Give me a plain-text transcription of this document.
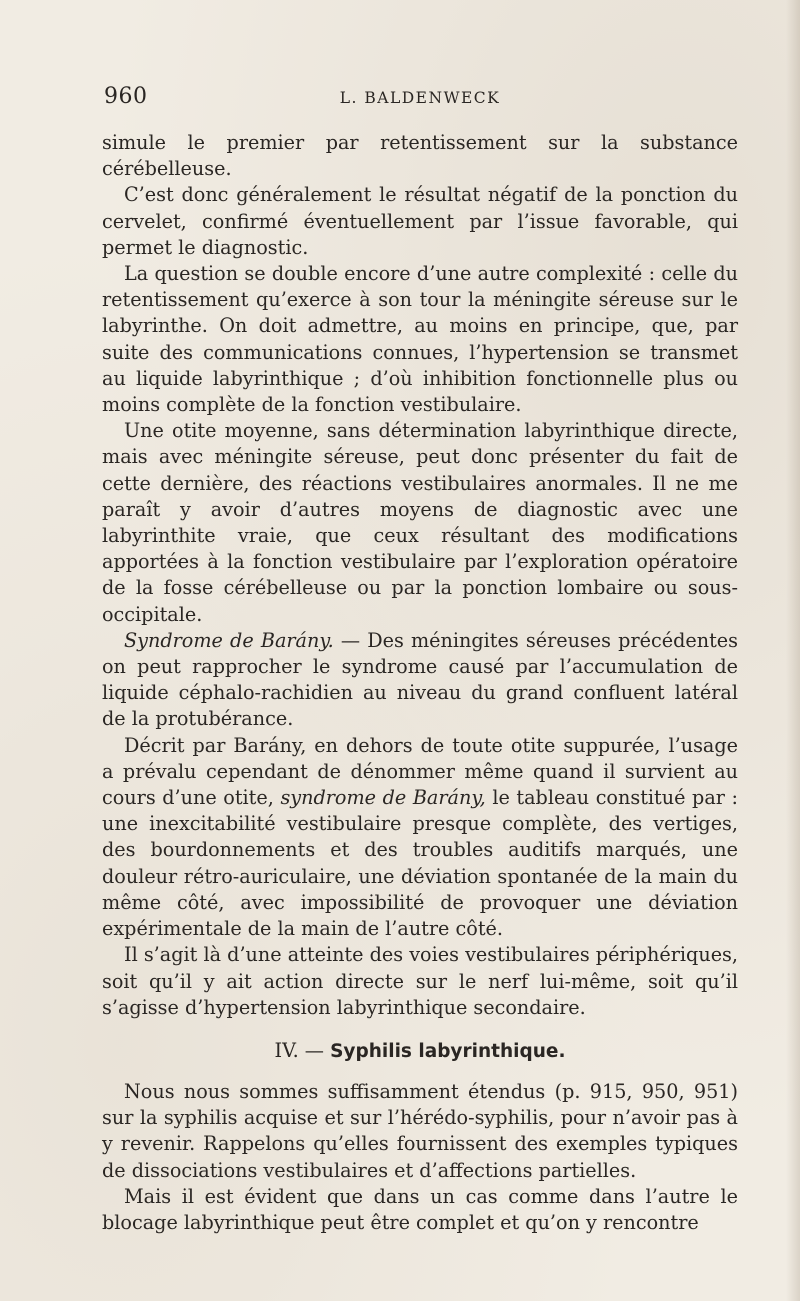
960	L. BALDENWECK

simule le premier par retentissement sur la substance cérébelleuse.

C’est donc généralement le résultat négatif de la ponction du cervelet, confirmé éventuellement par l’issue favorable, qui permet le diagnostic.

La question se double encore d’une autre complexité : celle du retentissement qu’exerce à son tour la méningite séreuse sur le labyrinthe. On doit admettre, au moins en principe, que, par suite des communications connues, l’hypertension se transmet au liquide labyrinthique ; d’où inhibition fonctionnelle plus ou moins complète de la fonction vestibulaire.

Une otite moyenne, sans détermination labyrinthique directe, mais avec méningite séreuse, peut donc présenter du fait de cette dernière, des réactions vestibulaires anormales. Il ne me paraît y avoir d’autres moyens de diagnostic avec une labyrinthite vraie, que ceux résultant des modifications apportées à la fonction vestibulaire par l’exploration opératoire de la fosse cérébelleuse ou par la ponction lombaire ou sous-occipitale.

Syndrome de Barány. — Des méningites séreuses précédentes on peut rapprocher le syndrome causé par l’accumulation de liquide céphalo-rachidien au niveau du grand confluent latéral de la protubérance.

Décrit par Barány, en dehors de toute otite suppurée, l’usage a prévalu cependant de dénommer même quand il survient au cours d’une otite, syndrome de Barány, le tableau constitué par : une inexcitabilité vestibulaire presque complète, des vertiges, des bourdonnements et des troubles auditifs marqués, une douleur rétro-auriculaire, une déviation spontanée de la main du même côté, avec impossibilité de provoquer une déviation expérimentale de la main de l’autre côté.

Il s’agit là d’une atteinte des voies vestibulaires périphériques, soit qu’il y ait action directe sur le nerf lui-même, soit qu’il s’agisse d’hypertension labyrinthique secondaire.

IV. — Syphilis labyrinthique.

Nous nous sommes suffisamment étendus (p. 915, 950, 951) sur la syphilis acquise et sur l’hérédo-syphilis, pour n’avoir pas à y revenir. Rappelons qu’elles fournissent des exemples typiques de dissociations vestibulaires et d’affections partielles.

Mais il est évident que dans un cas comme dans l’autre le blocage labyrinthique peut être complet et qu’on y rencontre
